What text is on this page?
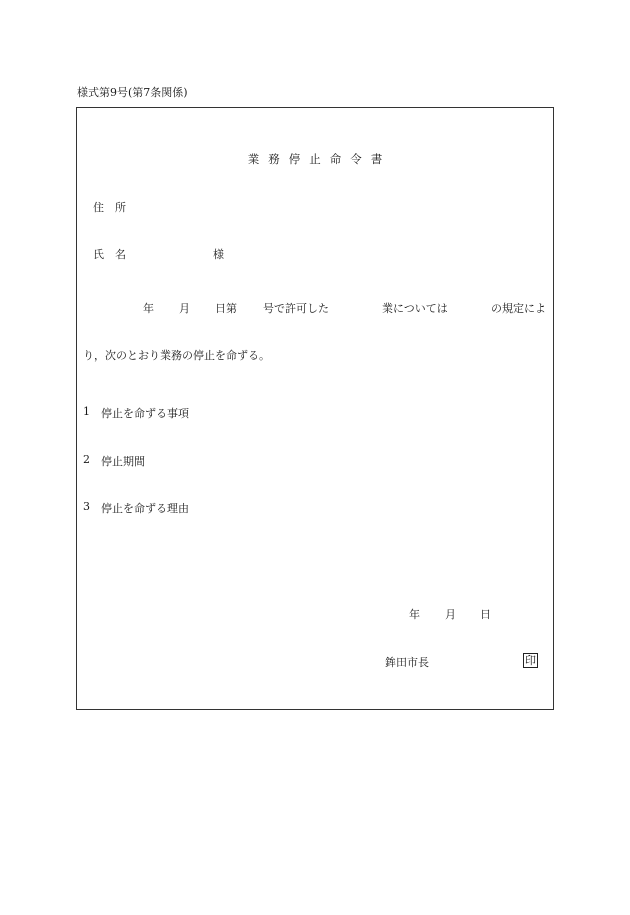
様式第9号(第7条関係)
業務停止命令書
住　所
氏　名	様
年 月 日第 号で許可した	業については	の規定によ
り，次のとおり業務の停止を命ずる。
1 停止を命ずる事項
2 停止期間
3 停止を命ずる理由
年 月 日
鉾田市長	印
